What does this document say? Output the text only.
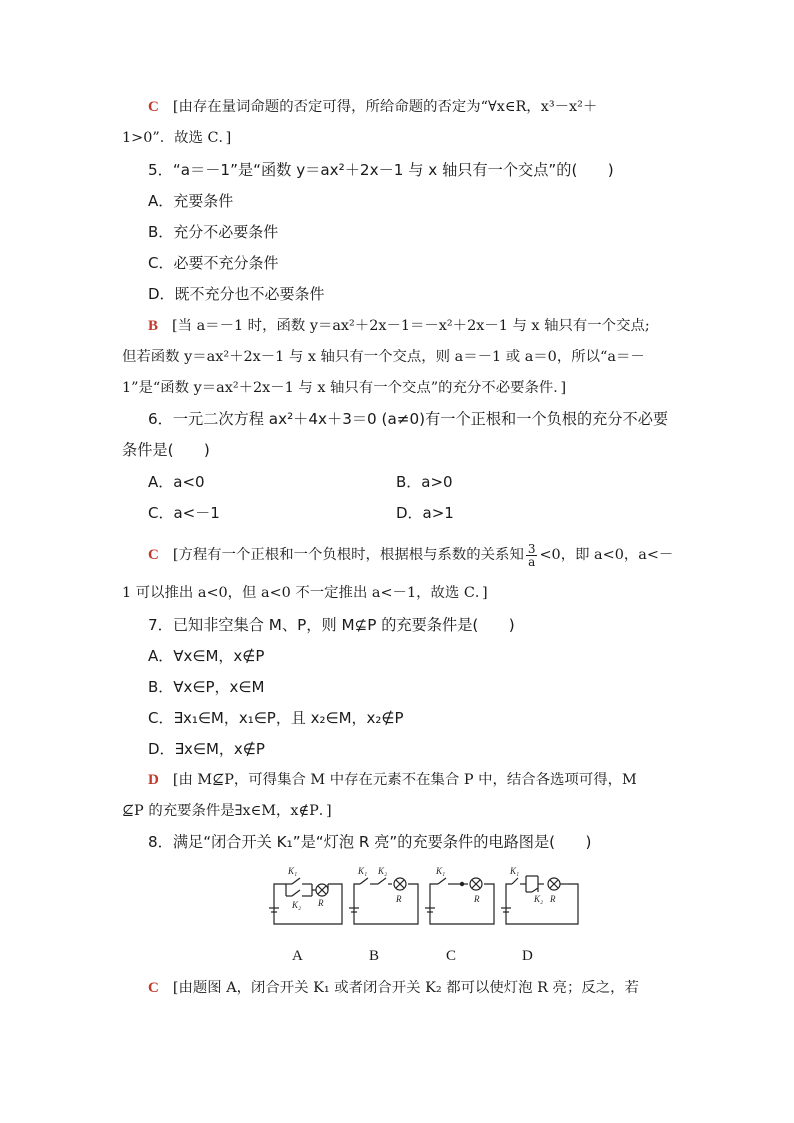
C [由存在量词命题的否定可得，所给命题的否定为“∀x∈R，x³－x²＋
1>0”．故选 C．]
5．“a＝－1”是“函数 y＝ax²＋2x－1 与 x 轴只有一个交点”的(　　)
A．充要条件
B．充分不必要条件
C．必要不充分条件
D．既不充分也不必要条件
B [当 a＝－1 时，函数 y＝ax²＋2x－1＝－x²＋2x－1 与 x 轴只有一个交点;
但若函数 y＝ax²＋2x－1 与 x 轴只有一个交点，则 a＝－1 或 a＝0，所以“a＝－
1”是“函数 y＝ax²＋2x－1 与 x 轴只有一个交点”的充分不必要条件．]
6．一元二次方程 ax²＋4x＋3＝0 (a≠0)有一个正根和一个负根的充分不必要
条件是(　　)
A．a<0	B．a>0
C．a<－1	D．a>1
C [方程有一个正根和一个负根时，根据根与系数的关系知 $\frac{3}{a} <0$，即 a<0，a<－
1 可以推出 a<0，但 a<0 不一定推出 a<－1，故选 C．]
7．已知非空集合 M、P，则 M⊈P 的充要条件是(　　)
A．∀x∈M，x∉P
B．∀x∈P，x∈M
C．∃x₁∈M，x₁∈P，且 x₂∈M，x₂∉P
D．∃x∈M，x∉P
D [由 M⊈P，可得集合 M 中存在元素不在集合 P 中，结合各选项可得，M
⊈P 的充要条件是∃x∈M，x∉P．]
8．满足“闭合开关 K₁”是“灯泡 R 亮”的充要条件的电路图是(　　)
K₁
K₂ R
K₁ K₂
R
K₁
R
K₁
K₂ R
A	B	C	D
C [由题图 A，闭合开关 K₁ 或者闭合开关 K₂ 都可以使灯泡 R 亮；反之，若
